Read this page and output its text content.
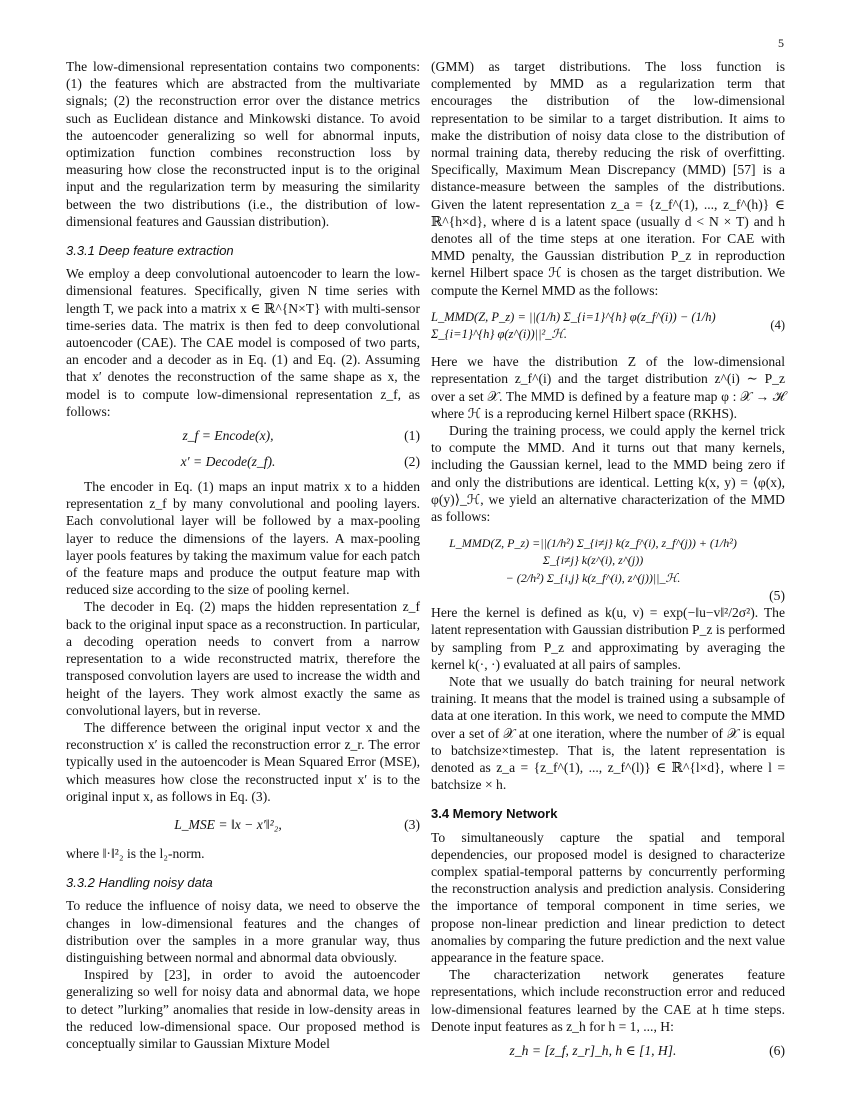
5

The low-dimensional representation contains two components: (1) the features which are abstracted from the multivariate signals; (2) the reconstruction error over the distance metrics such as Euclidean distance and Minkowski distance. To avoid the autoencoder generalizing so well for abnormal inputs, optimization function combines reconstruction loss by measuring how close the reconstructed input is to the original input and the regularization term by measuring the similarity between the two distributions (i.e., the distribution of low-dimensional features and Gaussian distribution).

3.3.1 Deep feature extraction

We employ a deep convolutional autoencoder to learn the low-dimensional features. Specifically, given N time series with length T, we pack into a matrix x ∈ ℝ^{N×T} with multi-sensor time-series data. The matrix is then fed to deep convolutional autoencoder (CAE). The CAE model is composed of two parts, an encoder and a decoder as in Eq. (1) and Eq. (2). Assuming that x′ denotes the reconstruction of the same shape as x, the model is to compute low-dimensional representation z_f, as follows:

z_f = Encode(x),	(1)
x′ = Decode(z_f).	(2)

The encoder in Eq. (1) maps an input matrix x to a hidden representation z_f by many convolutional and pooling layers. Each convolutional layer will be followed by a max-pooling layer to reduce the dimensions of the layers. A max-pooling layer pools features by taking the maximum value for each patch of the feature maps and produce the output feature map with reduced size according to the size of pooling kernel.

The decoder in Eq. (2) maps the hidden representation z_f back to the original input space as a reconstruction. In particular, a decoding operation needs to convert from a narrow representation to a wide reconstructed matrix, therefore the transposed convolution layers are used to increase the width and height of the layers. They work almost exactly the same as convolutional layers, but in reverse.

The difference between the original input vector x and the reconstruction x′ is called the reconstruction error z_r. The error typically used in the autoencoder is Mean Squared Error (MSE), which measures how close the reconstructed input x′ is to the original input x, as follows in Eq. (3).

L_MSE = ‖x − x′‖²₂,	(3)

where ‖·‖²₂ is the l₂-norm.

3.3.2 Handling noisy data

To reduce the influence of noisy data, we need to observe the changes in low-dimensional features and the changes of distribution over the samples in a more granular way, thus distinguishing between normal and abnormal data obviously.

Inspired by [23], in order to avoid the autoencoder generalizing so well for noisy data and abnormal data, we hope to detect ”lurking” anomalies that reside in low-density areas in the reduced low-dimensional space. Our proposed method is conceptually similar to Gaussian Mixture Model

(GMM) as target distributions. The loss function is complemented by MMD as a regularization term that encourages the distribution of the low-dimensional representation to be similar to a target distribution. It aims to make the distribution of noisy data close to the distribution of normal training data, thereby reducing the risk of overfitting. Specifically, Maximum Mean Discrepancy (MMD) [57] is a distance-measure between the samples of the distributions. Given the latent representation z_a = {z_f^(1), ..., z_f^(h)} ∈ ℝ^{h×d}, where d is a latent space (usually d < N × T) and h denotes all of the time steps at one iteration. For CAE with MMD penalty, the Gaussian distribution P_z in reproduction kernel Hilbert space ℋ is chosen as the target distribution. We compute the Kernel MMD as the follows:

L_MMD(Z, P_z) = ||(1/h) Σ_{i=1}^{h} φ(z_f^(i)) − (1/h) Σ_{i=1}^{h} φ(z^(i))||²_ℋ.
(4)

Here we have the distribution Z of the low-dimensional representation z_f^(i) and the target distribution z^(i) ∼ P_z over a set 𝒳. The MMD is defined by a feature map φ : 𝒳 → ℋ where ℋ is a reproducing kernel Hilbert space (RKHS).

During the training process, we could apply the kernel trick to compute the MMD. And it turns out that many kernels, including the Gaussian kernel, lead to the MMD being zero if and only the distributions are identical. Letting k(x, y) = ⟨φ(x), φ(y)⟩_ℋ, we yield an alternative characterization of the MMD as follows:

L_MMD(Z, P_z) =||(1/h²) Σ_{i≠j} k(z_f^(i), z_f^(j)) + (1/h²) Σ_{i≠j} k(z^(i), z^(j))
− (2/h²) Σ_{i,j} k(z_f^(i), z^(j))||_ℋ.
(5)

Here the kernel is defined as k(u, v) = exp(−‖u−v‖²/2σ²). The latent representation with Gaussian distribution P_z is performed by sampling from P_z and approximating by averaging the kernel k(·, ·) evaluated at all pairs of samples.

Note that we usually do batch training for neural network training. It means that the model is trained using a subsample of data at one iteration. In this work, we need to compute the MMD over a set of 𝒳 at one iteration, where the number of 𝒳 is equal to batchsize×timestep. That is, the latent representation is denoted as z_a = {z_f^(1), ..., z_f^(l)} ∈ ℝ^{l×d}, where l = batchsize × h.

3.4 Memory Network

To simultaneously capture the spatial and temporal dependencies, our proposed model is designed to characterize complex spatial-temporal patterns by concurrently performing the reconstruction analysis and prediction analysis. Considering the importance of temporal component in time series, we propose non-linear prediction and linear prediction to detect anomalies by comparing the future prediction and the next value appearance in the feature space.

The characterization network generates feature representations, which include reconstruction error and reduced low-dimensional features learned by the CAE at h time steps. Denote input features as z_h for h = 1, ..., H:

z_h = [z_f, z_r]_h, h ∈ [1, H].	(6)
